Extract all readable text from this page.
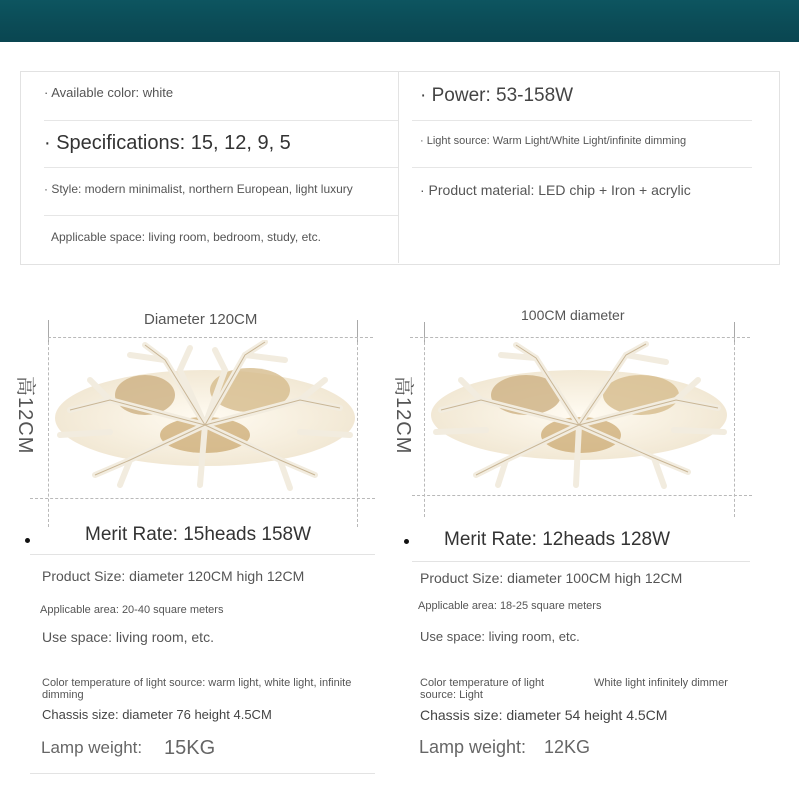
· Available color: white
· Specifications: 15, 12, 9, 5
· Style: modern minimalist, northern European, light luxury
Applicable space: living room, bedroom, study, etc.
· Power: 53-158W
· Light source: Warm Light/White Light/infinite dimming
· Product material: LED chip + Iron + acrylic
Diameter 120CM
高12CM
Merit Rate: 15heads 158W
Product Size: diameter 120CM high 12CM
Applicable area: 20-40 square meters
Use space: living room, etc.
Color temperature of light source: warm light, white light, infinite dimming
Chassis size: diameter 76 height 4.5CM
Lamp weight: 15KG
100CM diameter
高12CM
Merit Rate: 12heads 128W
Product Size: diameter 100CM high 12CM
Applicable area: 18-25 square meters
Use space: living room, etc.
Color temperature of light source: Light
White light infinitely dimmer
Chassis size: diameter 54 height 4.5CM
Lamp weight: 12KG
